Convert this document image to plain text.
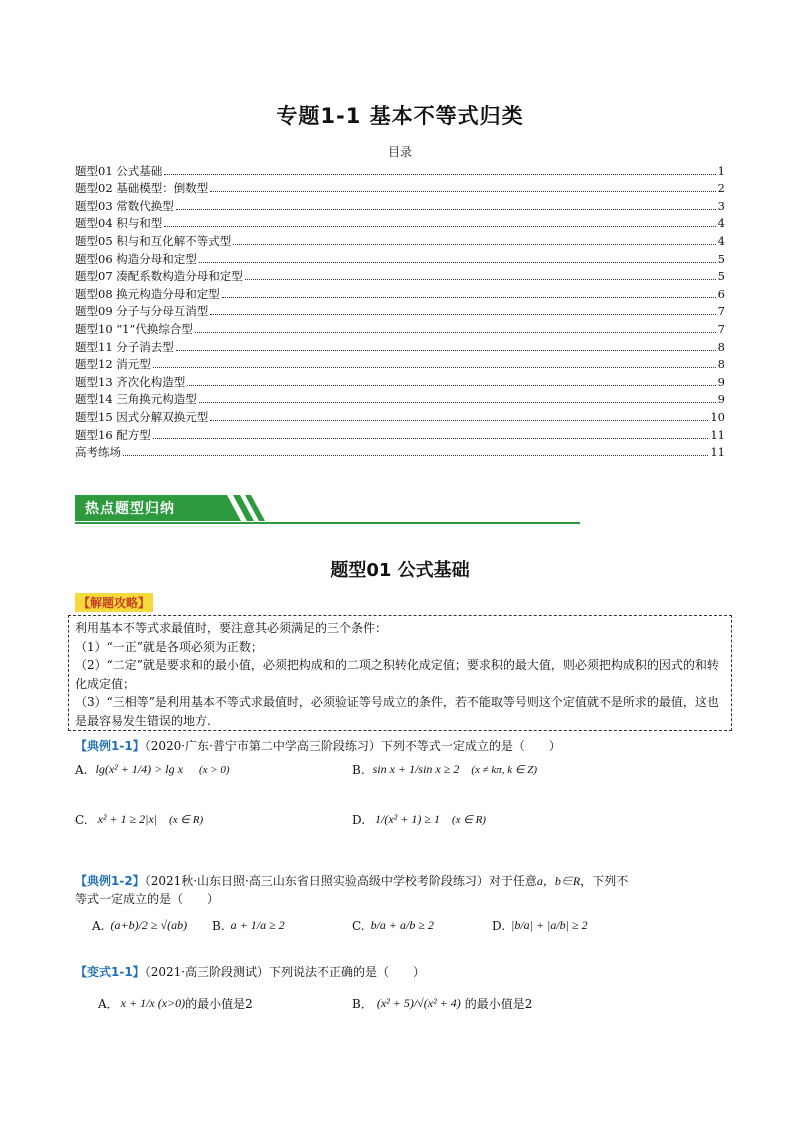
专题1-1 基本不等式归类
目录
题型01 公式基础	1
题型02 基础模型：倒数型	2
题型03 常数代换型	3
题型04 积与和型	4
题型05 积与和互化解不等式型	4
题型06 构造分母和定型	5
题型07 凑配系数构造分母和定型	5
题型08 换元构造分母和定型	6
题型09 分子与分母互消型	7
题型10 “1”代换综合型	7
题型11 分子消去型	8
题型12 消元型	8
题型13 齐次化构造型	9
题型14 三角换元构造型	9
题型15 因式分解双换元型	10
题型16 配方型	11
高考练场	11
热点题型归纳
题型01 公式基础
【解题攻略】

利用基本不等式求最值时，要注意其必须满足的三个条件：

（1）“一正”就是各项必须为正数；

（2）“二定”就是要求和的最小值，必须把构成和的二项之积转化成定值；要求积的最大值，则必须把构成积的因式的和转化成定值；

（3）“三相等”是利用基本不等式求最值时，必须验证等号成立的条件，若不能取等号则这个定值就不是所求的最值，这也是最容易发生错误的地方.

【典例1-1】（2020·广东·普宁市第二中学高三阶段练习）下列不等式一定成立的是（　　）
A. lg(x² + 1/4) > lg x (x > 0)	B. sin x + 1/sin x ≥ 2 (x ≠ kπ, k ∈ Z)
C. x² + 1 ≥ 2|x| (x ∈ R)	D. 1/(x² + 1) ≥ 1 (x ∈ R)
【典例1-2】（2021秋·山东日照·高三山东省日照实验高级中学校考阶段练习）对于任意a，b∈R，下列不
等式一定成立的是（　　）
A. (a+b)/2 ≥ √(ab) B. a + 1/a ≥ 2	C. b/a + a/b ≥ 2	D. |b/a| + |a/b| ≥ 2
【变式1-1】（2021·高三阶段测试）下列说法不正确的是（　　）
A． x + 1/x (x>0) 的最小值是2	B． (x² + 5)/√(x² + 4) 的最小值是2
